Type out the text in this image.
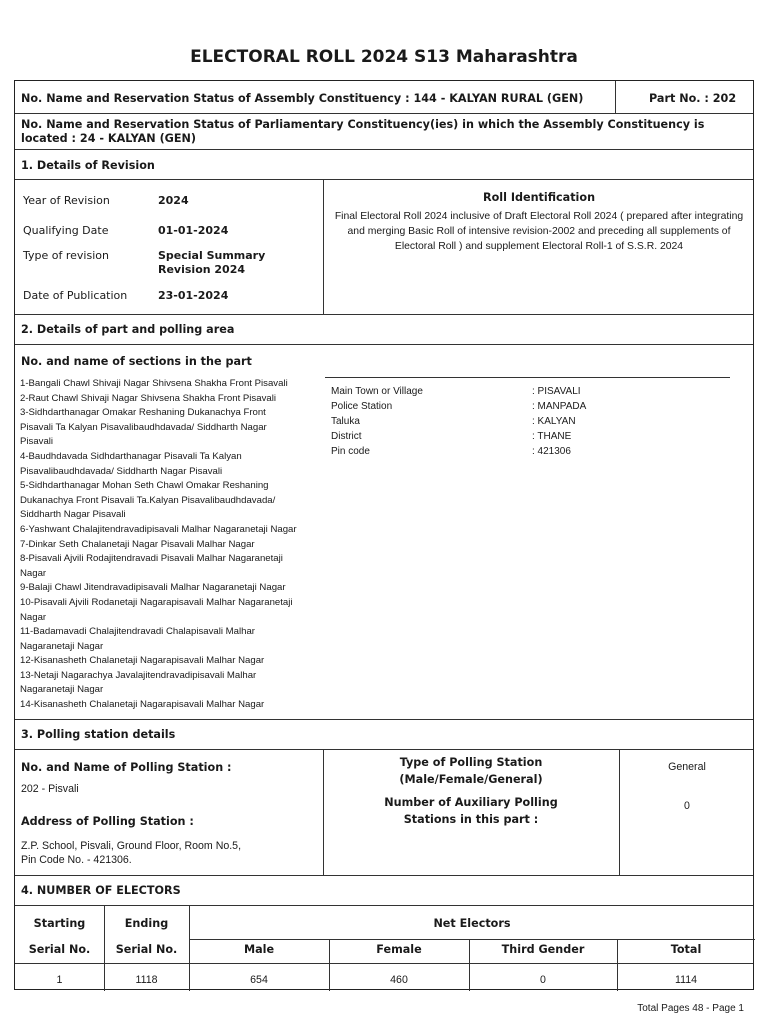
ELECTORAL ROLL 2024 S13 Maharashtra
No. Name and Reservation Status of Assembly Constituency : 144 - KALYAN RURAL (GEN)	Part No. : 202
No. Name and Reservation Status of Parliamentary Constituency(ies) in which the Assembly Constituency is located : 24 - KALYAN (GEN)
1. Details of Revision
Year of Revision	2024
Qualifying Date	01-01-2024
Type of revision	Special Summary Revision 2024
Date of Publication	23-01-2024
Roll Identification
Final Electoral Roll 2024 inclusive of Draft Electoral Roll 2024 ( prepared after integrating and merging Basic Roll of intensive revision-2002 and preceding all supplements of Electoral Roll ) and supplement Electoral Roll-1 of S.S.R. 2024
2. Details of part and polling area
No. and name of sections in the part
1-Bangali Chawl Shivaji Nagar Shivsena Shakha Front Pisavali
2-Raut Chawl Shivaji Nagar Shivsena Shakha Front Pisavali
3-Sidhdarthanagar Omakar Reshaning Dukanachya Front
Pisavali Ta Kalyan Pisavalibaudhdavada/ Siddharth Nagar
Pisavali
4-Baudhdavada Sidhdarthanagar Pisavali Ta Kalyan
Pisavalibaudhdavada/ Siddharth Nagar Pisavali
5-Sidhdarthanagar Mohan Seth Chawl Omakar Reshaning
Dukanachya Front Pisavali Ta.Kalyan Pisavalibaudhdavada/
Siddharth Nagar Pisavali
6-Yashwant Chalajitendravadipisavali Malhar Nagaranetaji Nagar
7-Dinkar Seth Chalanetaji Nagar Pisavali Malhar Nagar
8-Pisavali Ajvili Rodajitendravadi Pisavali Malhar Nagaranetaji
Nagar
9-Balaji Chawl Jitendravadipisavali Malhar Nagaranetaji Nagar
10-Pisavali Ajvili Rodanetaji Nagarapisavali Malhar Nagaranetaji
Nagar
11-Badamavadi Chalajitendravadi Chalapisavali Malhar
Nagaranetaji Nagar
12-Kisanasheth Chalanetaji Nagarapisavali Malhar Nagar
13-Netaji Nagarachya Javalajitendravadipisavali Malhar
Nagaranetaji Nagar
14-Kisanasheth Chalanetaji Nagarapisavali Malhar Nagar
Main Town or Village	: PISAVALI
Police Station	: MANPADA
Taluka	: KALYAN
District	: THANE
Pin code	: 421306
3. Polling station details
No. and Name of Polling Station :
202 - Pisvali
Address of Polling Station :
Z.P. School, Pisvali, Ground Floor, Room No.5,
Pin Code No. - 421306.
Type of Polling Station
(Male/Female/General)
General
Number of Auxiliary Polling
Stations in this part :
0
4. NUMBER OF ELECTORS
Starting
Serial No.
Ending
Serial No.
Net Electors
Male	Female	Third Gender	Total
1	1118	654	460	0	1114
Total Pages 48 - Page 1
